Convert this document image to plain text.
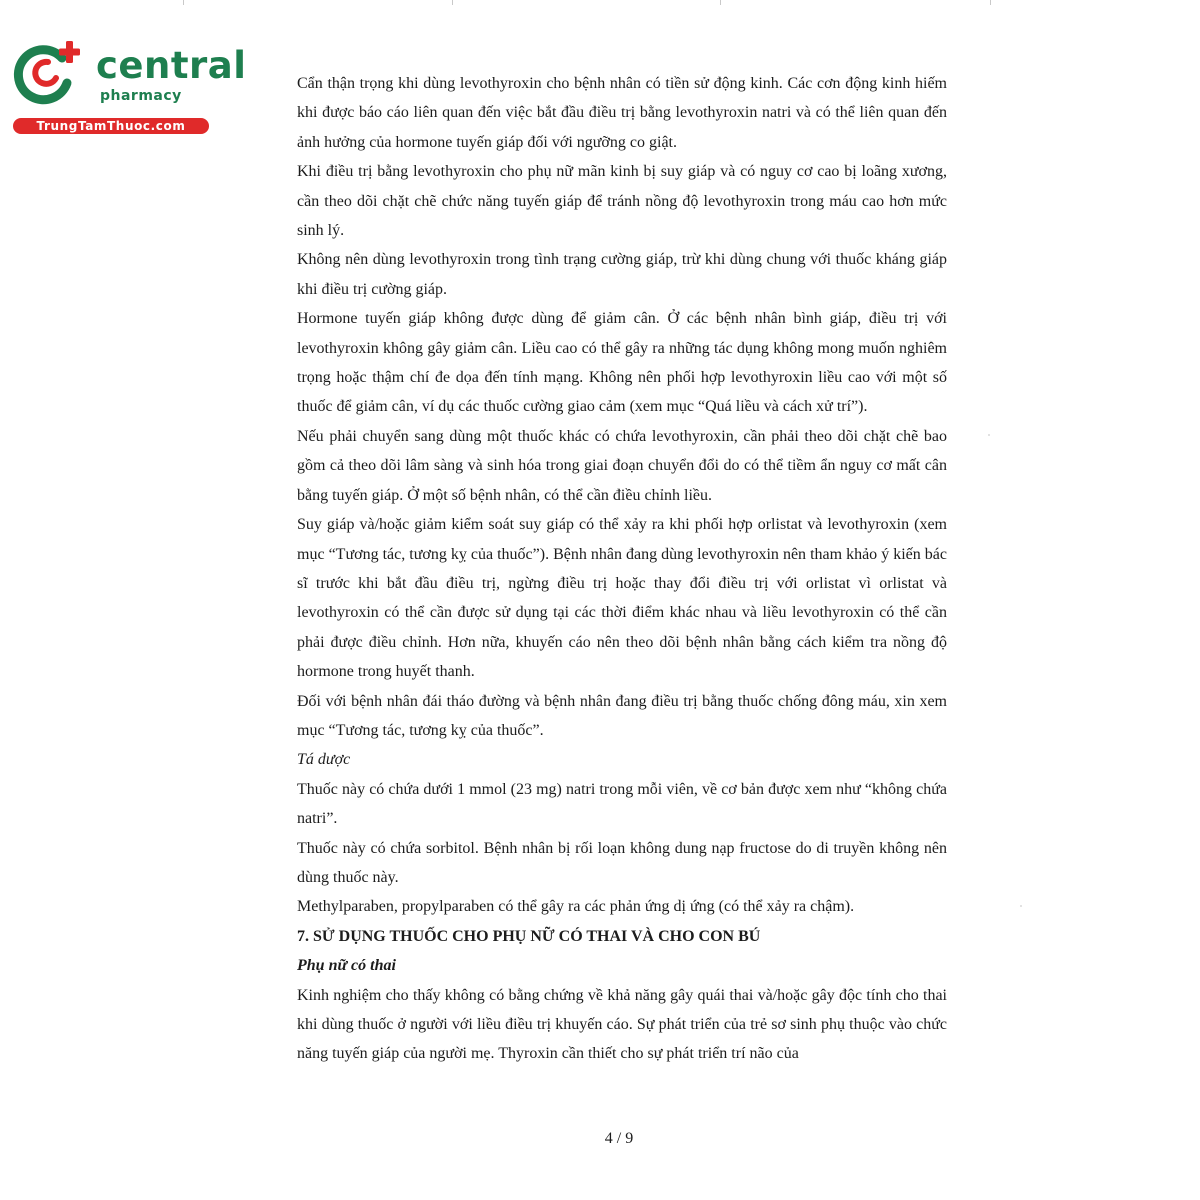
central
pharmacy
TrungTamThuoc.com

Cẩn thận trọng khi dùng levothyroxin cho bệnh nhân có tiền sử động kinh. Các cơn động kinh hiếm khi được báo cáo liên quan đến việc bắt đầu điều trị bằng levothyroxin natri và có thể liên quan đến ảnh hưởng của hormone tuyến giáp đối với ngưỡng co giật.

Khi điều trị bằng levothyroxin cho phụ nữ mãn kinh bị suy giáp và có nguy cơ cao bị loãng xương, cần theo dõi chặt chẽ chức năng tuyến giáp để tránh nồng độ levothyroxin trong máu cao hơn mức sinh lý.

Không nên dùng levothyroxin trong tình trạng cường giáp, trừ khi dùng chung với thuốc kháng giáp khi điều trị cường giáp.

Hormone tuyến giáp không được dùng để giảm cân. Ở các bệnh nhân bình giáp, điều trị với levothyroxin không gây giảm cân. Liều cao có thể gây ra những tác dụng không mong muốn nghiêm trọng hoặc thậm chí đe dọa đến tính mạng. Không nên phối hợp levothyroxin liều cao với một số thuốc để giảm cân, ví dụ các thuốc cường giao cảm (xem mục “Quá liều và cách xử trí”).

Nếu phải chuyển sang dùng một thuốc khác có chứa levothyroxin, cần phải theo dõi chặt chẽ bao gồm cả theo dõi lâm sàng và sinh hóa trong giai đoạn chuyển đổi do có thể tiềm ẩn nguy cơ mất cân bằng tuyến giáp. Ở một số bệnh nhân, có thể cần điều chỉnh liều.

Suy giáp và/hoặc giảm kiểm soát suy giáp có thể xảy ra khi phối hợp orlistat và levothyroxin (xem mục “Tương tác, tương kỵ của thuốc”). Bệnh nhân đang dùng levothyroxin nên tham khảo ý kiến bác sĩ trước khi bắt đầu điều trị, ngừng điều trị hoặc thay đổi điều trị với orlistat vì orlistat và levothyroxin có thể cần được sử dụng tại các thời điểm khác nhau và liều levothyroxin có thể cần phải được điều chỉnh. Hơn nữa, khuyến cáo nên theo dõi bệnh nhân bằng cách kiểm tra nồng độ hormone trong huyết thanh.

Đối với bệnh nhân đái tháo đường và bệnh nhân đang điều trị bằng thuốc chống đông máu, xin xem mục “Tương tác, tương kỵ của thuốc”.

Tá dược

Thuốc này có chứa dưới 1 mmol (23 mg) natri trong mỗi viên, về cơ bản được xem như “không chứa natri”.

Thuốc này có chứa sorbitol. Bệnh nhân bị rối loạn không dung nạp fructose do di truyền không nên dùng thuốc này.

Methylparaben, propylparaben có thể gây ra các phản ứng dị ứng (có thể xảy ra chậm).

7. SỬ DỤNG THUỐC CHO PHỤ NỮ CÓ THAI VÀ CHO CON BÚ

Phụ nữ có thai

Kinh nghiệm cho thấy không có bằng chứng về khả năng gây quái thai và/hoặc gây độc tính cho thai khi dùng thuốc ở người với liều điều trị khuyến cáo. Sự phát triển của trẻ sơ sinh phụ thuộc vào chức năng tuyến giáp của người mẹ. Thyroxin cần thiết cho sự phát triển trí não của

4 / 9
